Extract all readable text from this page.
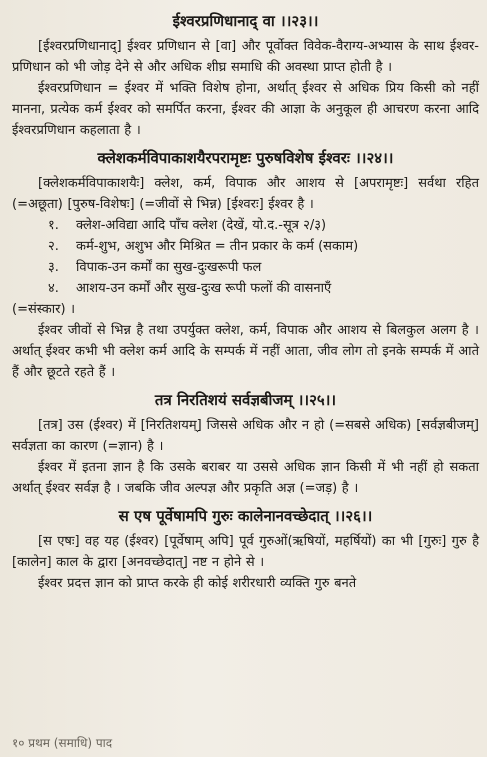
ईश्वरप्रणिधानाद् वा ।।२३।।

[ईश्वरप्रणिधानाद्] ईश्वर प्रणिधान से [वा] और पूर्वोक्त विवेक-वैराग्य-अभ्यास के साथ ईश्वर-प्रणिधान को भी जोड़ देने से और अधिक शीघ्र समाधि की अवस्था प्राप्त होती है ।

ईश्वरप्रणिधान = ईश्वर में भक्ति विशेष होना, अर्थात् ईश्वर से अधिक प्रिय किसी को नहीं मानना, प्रत्येक कर्म ईश्वर को समर्पित करना, ईश्वर की आज्ञा के अनुकूल ही आचरण करना आदि ईश्वरप्रणिधान कहलाता है ।

क्लेशकर्मविपाकाशयैरपरामृष्टः पुरुषविशेष ईश्वरः ।।२४।।

[क्लेशकर्मविपाकाशयैः] क्लेश, कर्म, विपाक और आशय से [अपरामृष्टः] सर्वथा रहित (=अछूता) [पुरुष-विशेषः] (=जीवों से भिन्न) [ईश्वरः] ईश्वर है ।

१.	क्लेश-अविद्या आदि पाँच क्लेश (देखें, यो.द.-सूत्र २/३)
२.	कर्म-शुभ, अशुभ और मिश्रित = तीन प्रकार के कर्म (सकाम)
३.	विपाक-उन कर्मों का सुख-दुःखरूपी फल
४.	आशय-उन कर्मों और सुख-दुःख रूपी फलों की वासनाएँ

(=संस्कार) ।

ईश्वर जीवों से भिन्न है तथा उपर्युक्त क्लेश, कर्म, विपाक और आशय से बिलकुल अलग है । अर्थात् ईश्वर कभी भी क्लेश कर्म आदि के सम्पर्क में नहीं आता, जीव लोग तो इनके सम्पर्क में आते हैं और छूटते रहते हैं ।

तत्र निरतिशयं सर्वज्ञबीजम् ।।२५।।

[तत्र] उस (ईश्वर) में [निरतिशयम्] जिससे अधिक और न हो (=सबसे अधिक) [सर्वज्ञबीजम्] सर्वज्ञता का कारण (=ज्ञान) है ।

ईश्वर में इतना ज्ञान है कि उसके बराबर या उससे अधिक ज्ञान किसी में भी नहीं हो सकता अर्थात् ईश्वर सर्वज्ञ है । जबकि जीव अल्पज्ञ और प्रकृति अज्ञ (=जड़) है ।

स एष पूर्वेषामपि गुरुः कालेनानवच्छेदात् ।।२६।।

[स एषः] वह यह (ईश्वर) [पूर्वेषाम् अपि] पूर्व गुरुओं(ऋषियों, महर्षियों) का भी [गुरुः] गुरु है [कालेन] काल के द्वारा [अनवच्छेदात्] नष्ट न होने से ।

ईश्वर प्रदत्त ज्ञान को प्राप्त करके ही कोई शरीरधारी व्यक्ति गुरु बनते

१० प्रथम (समाधि) पाद
